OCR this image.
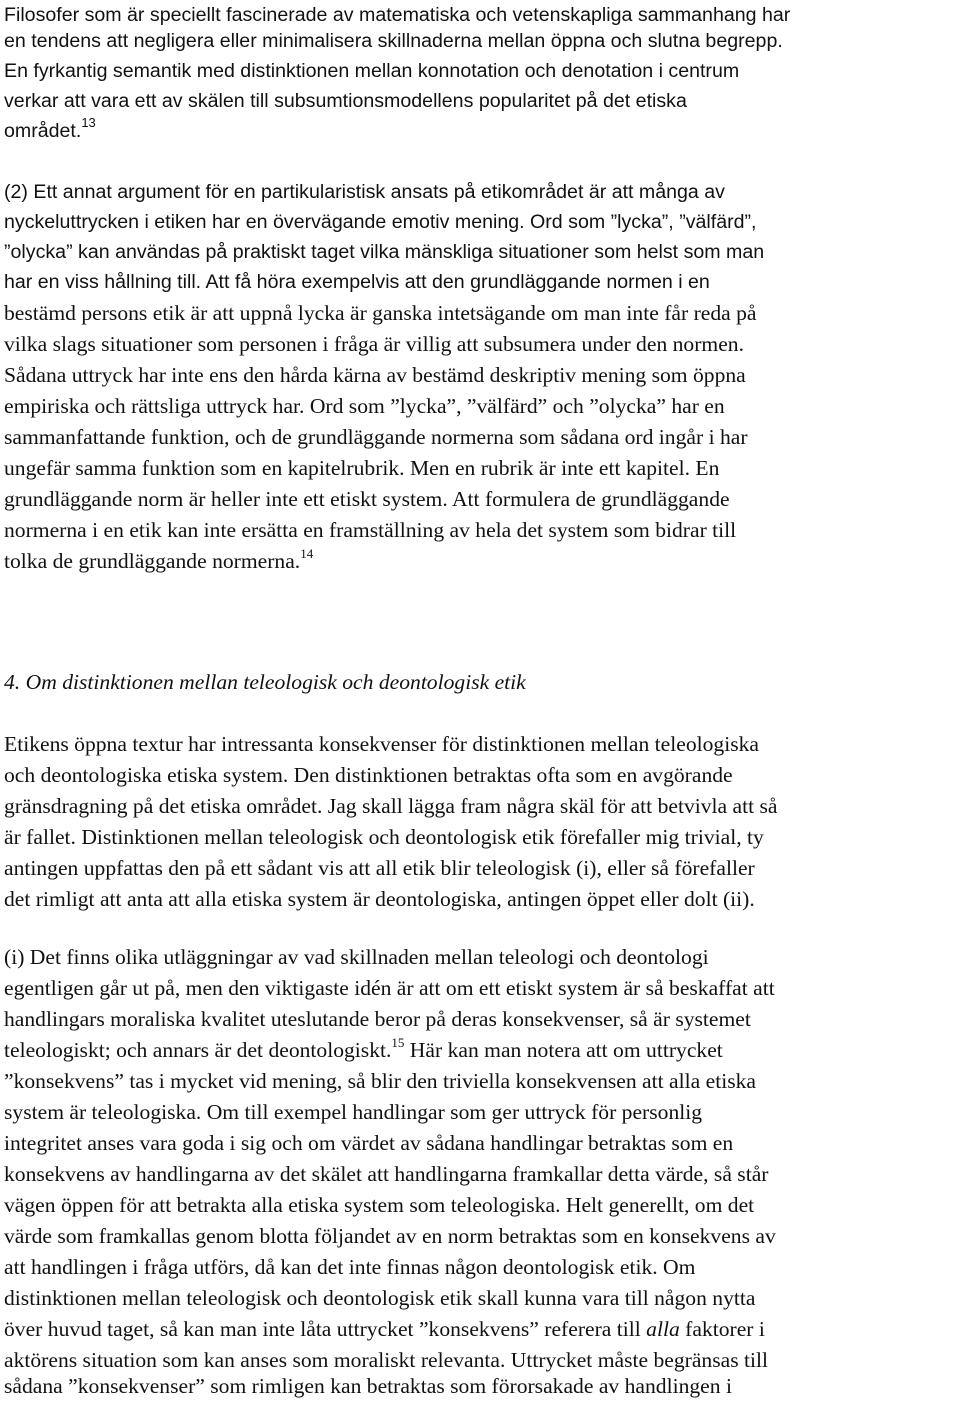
Filosofer som är speciellt fascinerade av matematiska och vetenskapliga sammanhang har
en tendens att negligera eller minimalisera skillnaderna mellan öppna och slutna begrepp.
En fyrkantig semantik med distinktionen mellan konnotation och denotation i centrum
verkar att vara ett av skälen till subsumtionsmodellens popularitet på det etiska
området.$^{13}$
(2) Ett annat argument för en partikularistisk ansats på etikområdet är att många av
nyckeluttrycken i etiken har en övervägande emotiv mening. Ord som ”lycka”, ”välfärd”,
”olycka” kan användas på praktiskt taget vilka mänskliga situationer som helst som man
har en viss hållning till. Att få höra exempelvis att den grundläggande normen i en
bestämd persons etik är att uppnå lycka är ganska intetsägande om man inte får reda på
vilka slags situationer som personen i fråga är villig att subsumera under den normen.
Sådana uttryck har inte ens den hårda kärna av bestämd deskriptiv mening som öppna
empiriska och rättsliga uttryck har. Ord som ”lycka”, ”välfärd” och ”olycka” har en
sammanfattande funktion, och de grundläggande normerna som sådana ord ingår i har
ungefär samma funktion som en kapitelrubrik. Men en rubrik är inte ett kapitel. En
grundläggande norm är heller inte ett etiskt system. Att formulera de grundläggande
normerna i en etik kan inte ersätta en framställning av hela det system som bidrar till
tolka de grundläggande normerna.$^{14}$
4. Om distinktionen mellan teleologisk och deontologisk etik
Etikens öppna textur har intressanta konsekvenser för distinktionen mellan teleologiska
och deontologiska etiska system. Den distinktionen betraktas ofta som en avgörande
gränsdragning på det etiska området. Jag skall lägga fram några skäl för att betvivla att så
är fallet. Distinktionen mellan teleologisk och deontologisk etik förefaller mig trivial, ty
antingen uppfattas den på ett sådant vis att all etik blir teleologisk (i), eller så förefaller
det rimligt att anta att alla etiska system är deontologiska, antingen öppet eller dolt (ii).
(i) Det finns olika utläggningar av vad skillnaden mellan teleologi och deontologi
egentligen går ut på, men den viktigaste idén är att om ett etiskt system är så beskaffat att
handlingars moraliska kvalitet uteslutande beror på deras konsekvenser, så är systemet
teleologiskt; och annars är det deontologiskt.$^{15}$ Här kan man notera att om uttrycket
”konsekvens” tas i mycket vid mening, så blir den triviella konsekvensen att alla etiska
system är teleologiska. Om till exempel handlingar som ger uttryck för personlig
integritet anses vara goda i sig och om värdet av sådana handlingar betraktas som en
konsekvens av handlingarna av det skälet att handlingarna framkallar detta värde, så står
vägen öppen för att betrakta alla etiska system som teleologiska. Helt generellt, om det
värde som framkallas genom blotta följandet av en norm betraktas som en konsekvens av
att handlingen i fråga utförs, då kan det inte finnas någon deontologisk etik. Om
distinktionen mellan teleologisk och deontologisk etik skall kunna vara till någon nytta
över huvud taget, så kan man inte låta uttrycket ”konsekvens” referera till alla faktorer i
aktörens situation som kan anses som moraliskt relevanta. Uttrycket måste begränsas till
sådana ”konsekvenser” som rimligen kan betraktas som förorsakade av handlingen i
